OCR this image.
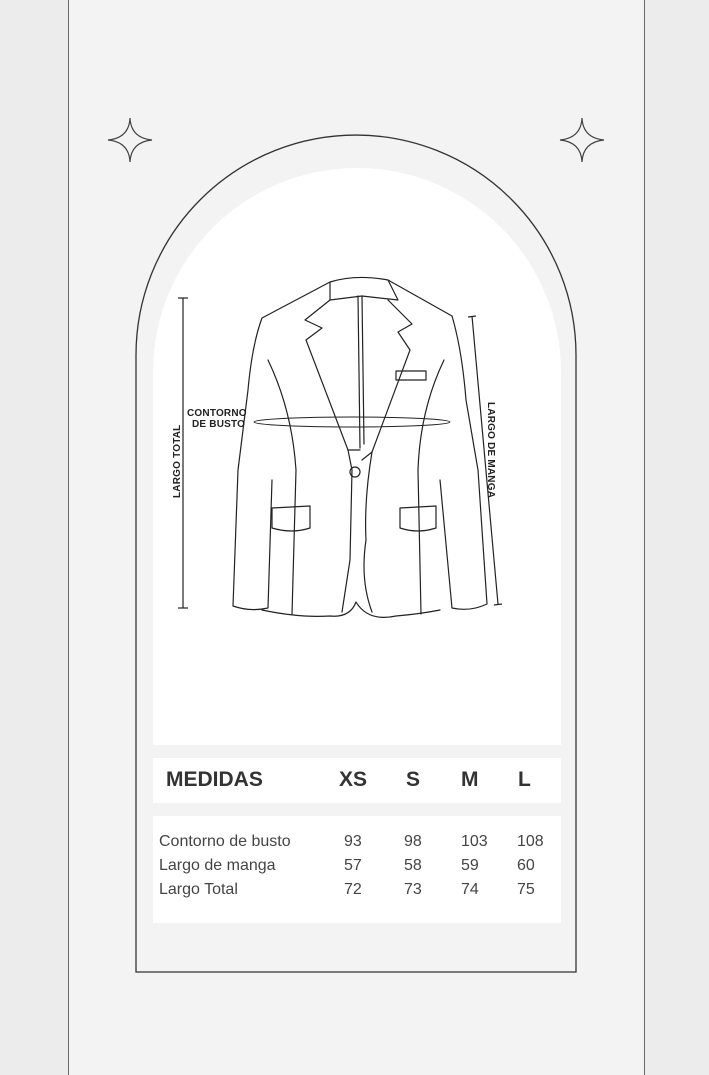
LARGO TOTAL
CONTORNO
DE BUSTO	LARGO DE MANGA
MEDIDAS	XS S M L
Contorno de busto	93	98 103 108
Largo de manga	57	58 59 60
Largo Total	72	73 74 75
